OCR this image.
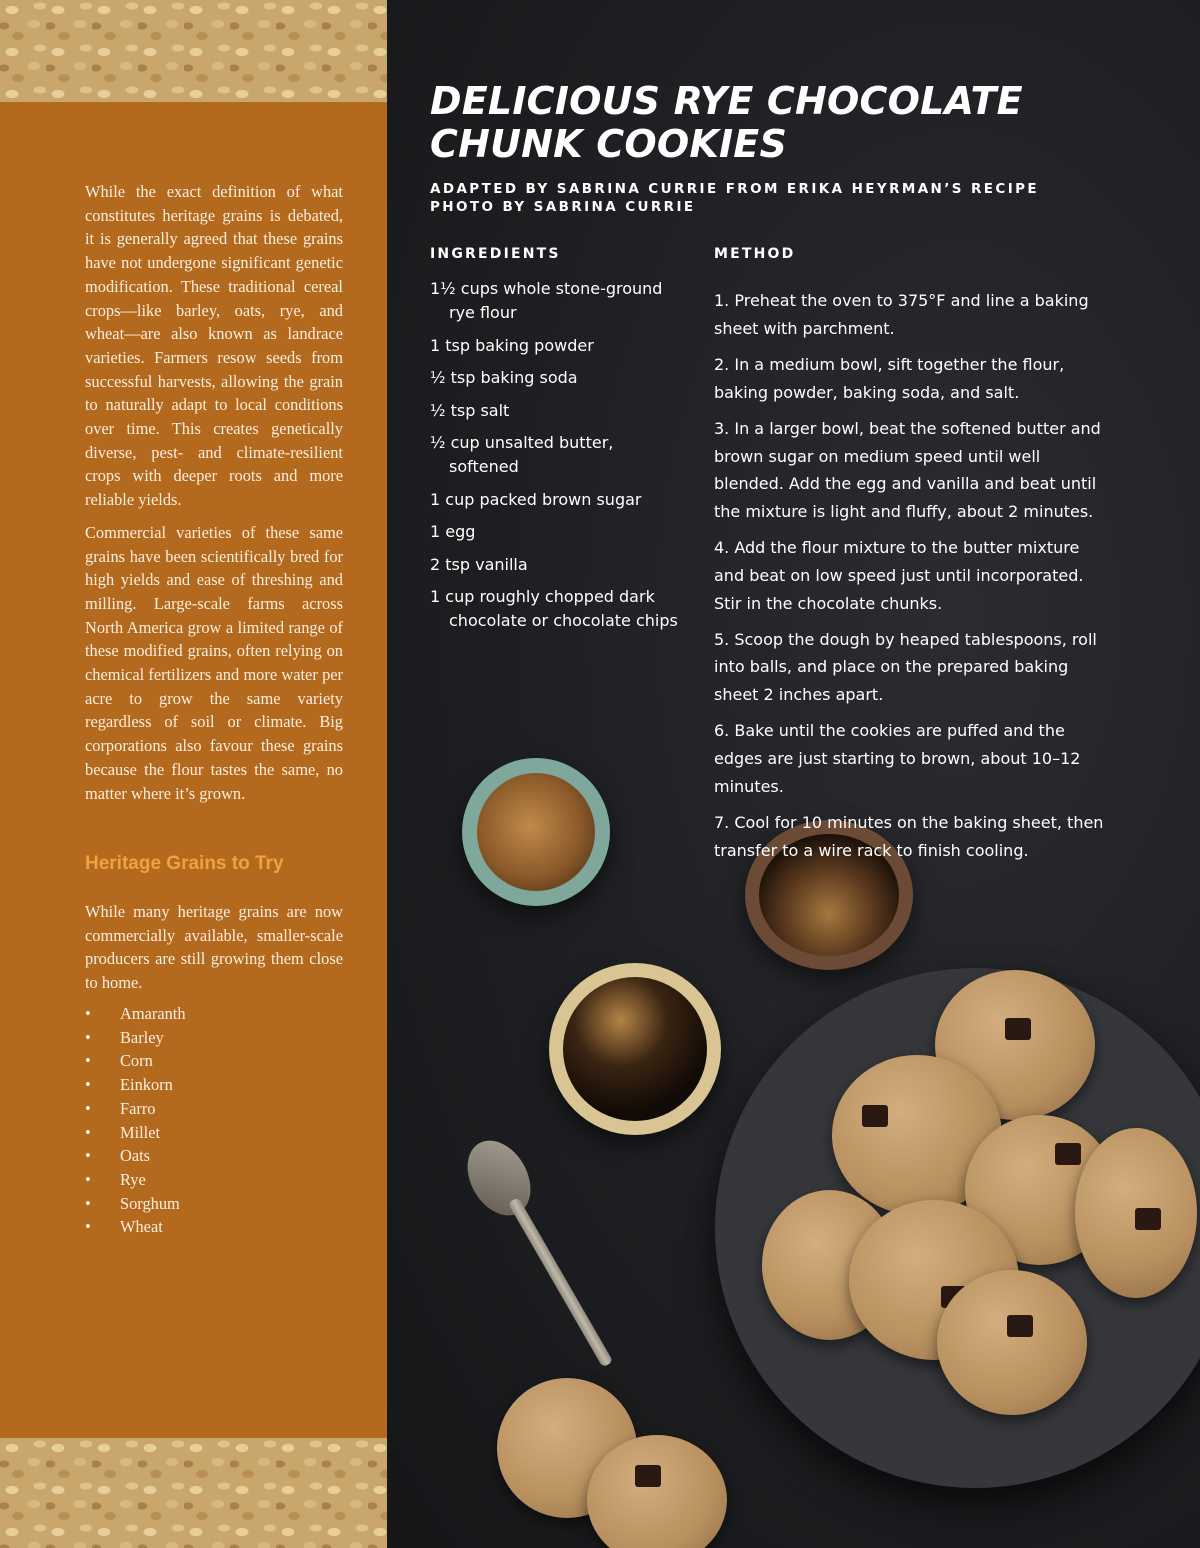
While the exact definition of what constitutes heritage grains is debated, it is generally agreed that these grains have not undergone significant genetic modification. These traditional cereal crops—like barley, oats, rye, and wheat—are also known as landrace varieties. Farmers resow seeds from successful harvests, allowing the grain to naturally adapt to local conditions over time. This creates genetically diverse, pest- and climate-resilient crops with deeper roots and more reliable yields.

Commercial varieties of these same grains have been scientifically bred for high yields and ease of threshing and milling. Large-scale farms across North America grow a limited range of these modified grains, often relying on chemical fertilizers and more water per acre to grow the same variety regardless of soil or climate. Big corporations also favour these grains because the flour tastes the same, no matter where it’s grown.

Heritage Grains to Try

While many heritage grains are now commercially available, smaller-scale producers are still growing them close to home.

• Amaranth
• Barley
• Corn
• Einkorn
• Farro
• Millet
• Oats
• Rye
• Sorghum
• Wheat
DELICIOUS RYE CHOCOLATE
CHUNK COOKIES
ADAPTED BY SABRINA CURRIE FROM ERIKA HEYRMAN’S RECIPE
PHOTO BY SABRINA CURRIE
INGREDIENTS	METHOD
1½ cups whole stone-ground rye flour
1 tsp baking powder
½ tsp baking soda
½ tsp salt
½ cup unsalted butter, softened
1 cup packed brown sugar
1 egg
2 tsp vanilla
1 cup roughly chopped dark chocolate or chocolate chips
1. Preheat the oven to 375°F and line a baking sheet with parchment.
2. In a medium bowl, sift together the flour, baking powder, baking soda, and salt.
3. In a larger bowl, beat the softened butter and brown sugar on medium speed until well blended. Add the egg and vanilla and beat until the mixture is light and fluffy, about 2 minutes.
4. Add the flour mixture to the butter mixture and beat on low speed just until incorporated. Stir in the chocolate chunks.
5. Scoop the dough by heaped tablespoons, roll into balls, and place on the prepared baking sheet 2 inches apart.
6. Bake until the cookies are puffed and the edges are just starting to brown, about 10–12 minutes.
7. Cool for 10 minutes on the baking sheet, then transfer to a wire rack to finish cooling.
